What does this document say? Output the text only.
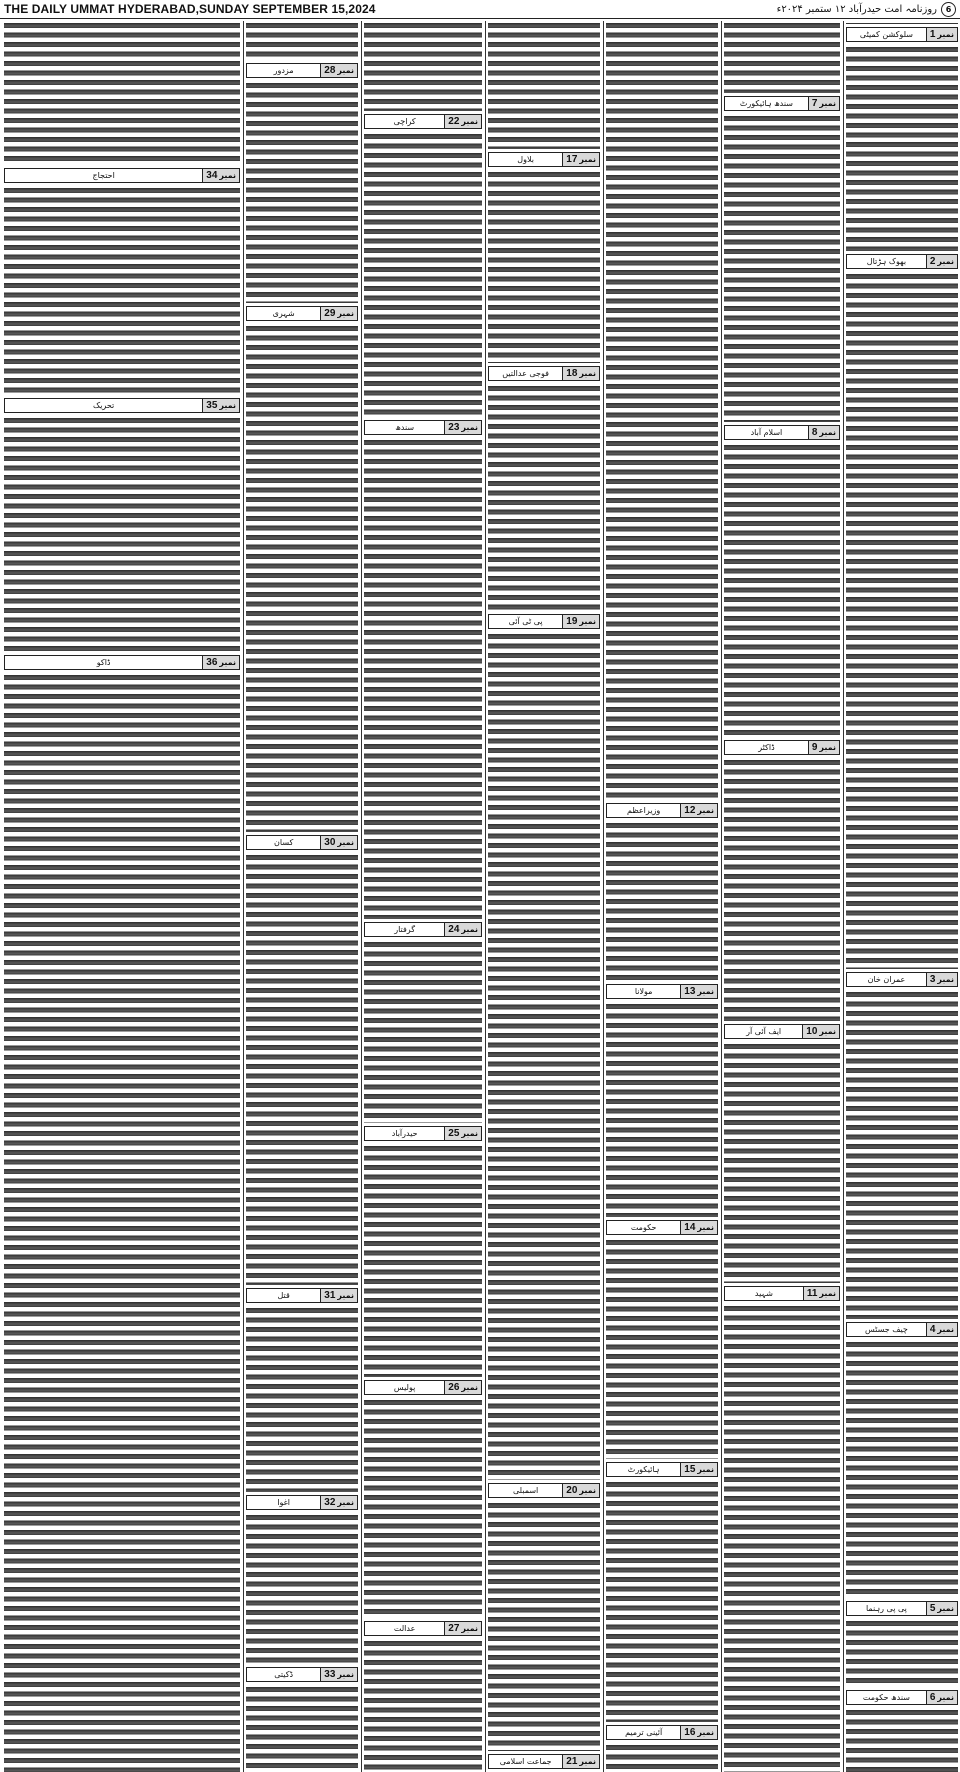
THE DAILY UMMAT HYDERABAD,SUNDAY SEPTEMBER 15,2024	6
روزنامہ امت حیدرآباد ۱۲ ستمبر ۲۰۲۴ء
نمبر
1
سلوکشن کمیٹی
نمبر
2
بھوک ہڑتال
نمبر
3
عمران خان
نمبر
4
چیف جسٹس
نمبر
5
پی پی رہنما
نمبر
6
سندھ حکومت
نمبر
7
سندھ ہائیکورٹ
نمبر
8
اسلام آباد
نمبر
9
ڈاکٹر
نمبر
10
ایف آئی آر
نمبر
11
شہید
نمبر
12
وزیراعظم
نمبر
13
مولانا
نمبر
14
حکومت
نمبر
15
ہائیکورٹ
نمبر
16
آئینی ترمیم
نمبر
17
بلاول
نمبر
18
فوجی عدالتیں
نمبر
19
پی ٹی آئی
نمبر
20
اسمبلی
نمبر
21
جماعت اسلامی
نمبر
22
کراچی
نمبر
23
سندھ
نمبر
24
گرفتار
نمبر
25
حیدرآباد
نمبر
26
پولیس
نمبر
27
عدالت
نمبر
28
مزدور
نمبر
29
شہری
نمبر
30
کسان
نمبر
31
قتل
نمبر
32
اغوا
نمبر
33
ڈکیتی
نمبر
34
احتجاج
نمبر
35
تحریک
نمبر
36
ڈاکو
